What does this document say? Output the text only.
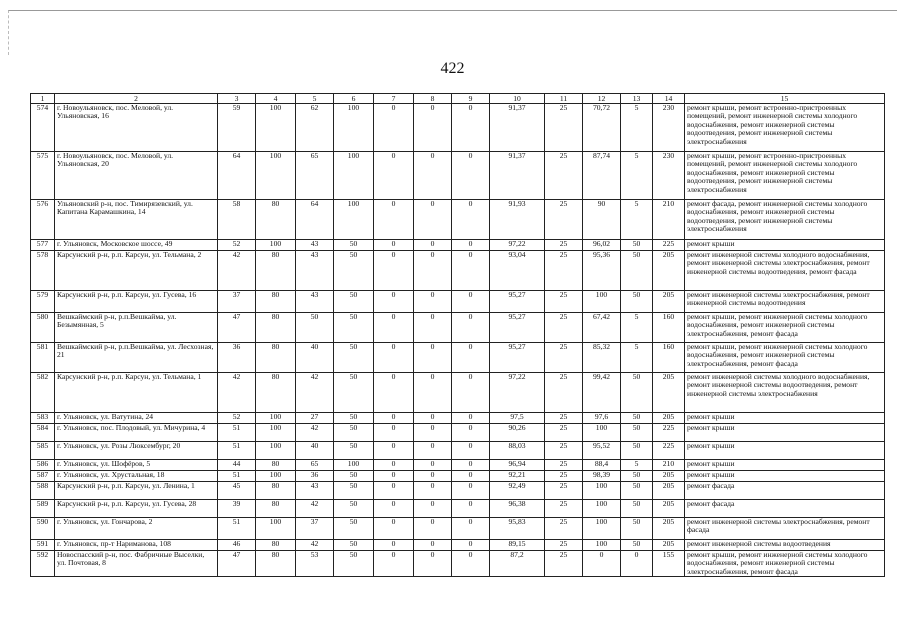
422
1	2	3	4	5	6	7	8	9	10	11	12	13	14	15
574	г. Новоульяновск, пос. Меловой, ул. Ульяновская, 16	59	100	62	100	0	0	0	91,37	25	70,72	5	230	ремонт крыши, ремонт встроенно-пристроенных помещений, ремонт инженерной системы холодного водоснабжения, ремонт инженерной системы водоотведения, ремонт инженерной системы электроснабжения
575	г. Новоульяновск, пос. Меловой, ул. Ульяновская, 20	64	100	65	100	0	0	0	91,37	25	87,74	5	230	ремонт крыши, ремонт встроенно-пристроенных помещений, ремонт инженерной системы холодного водоснабжения, ремонт инженерной системы водоотведения, ремонт инженерной системы электроснабжения
576	Ульяновский р-н, пос. Тимирязевский, ул. Капитана Карамашкина, 14	58	80	64	100	0	0	0	91,93	25	90	5	210	ремонт фасада, ремонт инженерной системы холодного водоснабжения, ремонт инженерной системы водоотведения, ремонт инженерной системы электроснабжения
577	г. Ульяновск, Московское шоссе, 49	52	100	43	50	0	0	0	97,22	25	96,02	50	225	ремонт крыши
578	Карсунский р-н, р.п. Карсун, ул. Тельмана, 2	42	80	43	50	0	0	0	93,04	25	95,36	50	205	ремонт инженерной системы холодного водоснабжения, ремонт инженерной системы электроснабжения, ремонт инженерной системы водоотведения, ремонт фасада
579	Карсунский р-н, р.п. Карсун, ул. Гусева, 16	37	80	43	50	0	0	0	95,27	25	100	50	205	ремонт инженерной системы электроснабжения, ремонт инженерной системы водоотведения
580	Вешкаймский р-н, р.п.Вешкайма, ул. Безымянная, 5	47	80	50	50	0	0	0	95,27	25	67,42	5	160	ремонт крыши, ремонт инженерной системы холодного водоснабжения, ремонт инженерной системы электроснабжения, ремонт фасада
581	Вешкаймский р-н, р.п.Вешкайма, ул. Лесхозная, 21	36	80	40	50	0	0	0	95,27	25	85,32	5	160	ремонт крыши, ремонт инженерной системы холодного водоснабжения, ремонт инженерной системы электроснабжения, ремонт фасада
582	Карсунский р-н, р.п. Карсун, ул. Тельмана, 1	42	80	42	50	0	0	0	97,22	25	99,42	50	205	ремонт инженерной системы холодного водоснабжения, ремонт инженерной системы водоотведения, ремонт инженерной системы электроснабжения
583	г. Ульяновск, ул. Ватутина, 24	52	100	27	50	0	0	0	97,5	25	97,6	50	205	ремонт крыши
584	г. Ульяновск, пос. Плодовый, ул. Мичурина, 4	51	100	42	50	0	0	0	90,26	25	100	50	225	ремонт крыши
585	г. Ульяновск, ул. Розы Люксембург, 20	51	100	40	50	0	0	0	88,03	25	95,52	50	225	ремонт крыши
586	г. Ульяновск, ул. Шофёров, 5	44	80	65	100	0	0	0	96,94	25	88,4	5	210	ремонт крыши
587	г. Ульяновск, ул. Хрустальная, 18	51	100	36	50	0	0	0	92,21	25	98,39	50	205	ремонт крыши
588	Карсунский р-н, р.п. Карсун, ул. Ленина, 1	45	80	43	50	0	0	0	92,49	25	100	50	205	ремонт фасада
589	Карсунский р-н, р.п. Карсун, ул. Гусева, 28	39	80	42	50	0	0	0	96,38	25	100	50	205	ремонт фасада
590	г. Ульяновск, ул. Гончарова, 2	51	100	37	50	0	0	0	95,83	25	100	50	205	ремонт инженерной системы электроснабжения, ремонт фасада
591	г. Ульяновск, пр-т Нариманова, 108	46	80	42	50	0	0	0	89,15	25	100	50	205	ремонт инженерной системы водоотведения
592	Новоспасский р-н, пос. Фабричные Выселки, ул. Почтовая, 8	47	80	53	50	0	0	0	87,2	25	0	0	155	ремонт крыши, ремонт инженерной системы холодного водоснабжения, ремонт инженерной системы электроснабжения, ремонт фасада
